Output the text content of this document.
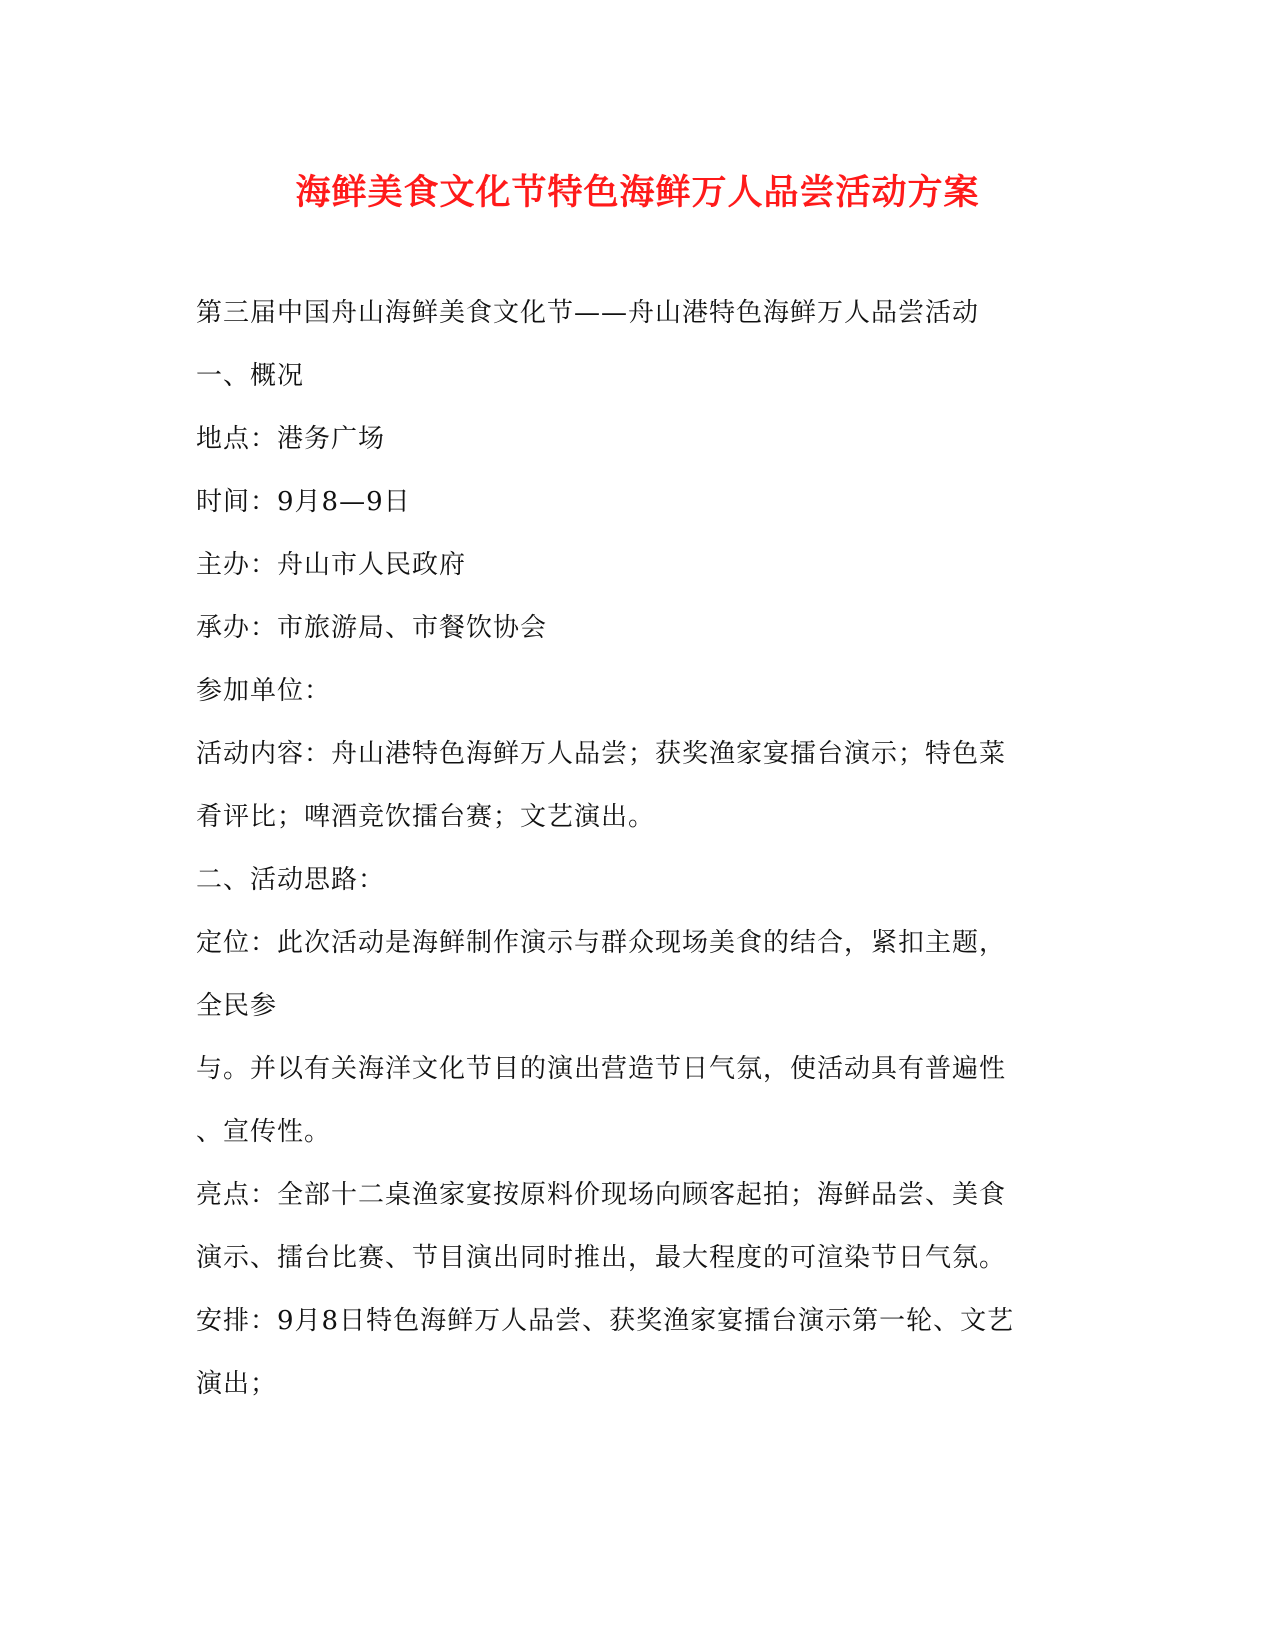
海鲜美食文化节特色海鲜万人品尝活动方案

第三届中国舟山海鲜美食文化节——舟山港特色海鲜万人品尝活动

一、概况

地点：港务广场

时间：9月8—9日

主办：舟山市人民政府

承办：市旅游局、市餐饮协会

参加单位：

活动内容：舟山港特色海鲜万人品尝；获奖渔家宴擂台演示；特色菜

肴评比；啤酒竞饮擂台赛；文艺演出。

二、活动思路：

定位：此次活动是海鲜制作演示与群众现场美食的结合，紧扣主题，

全民参

与。并以有关海洋文化节目的演出营造节日气氛，使活动具有普遍性

、宣传性。

亮点：全部十二桌渔家宴按原料价现场向顾客起拍；海鲜品尝、美食

演示、擂台比赛、节目演出同时推出，最大程度的可渲染节日气氛。

安排：9月8日特色海鲜万人品尝、获奖渔家宴擂台演示第一轮、文艺

演出；
